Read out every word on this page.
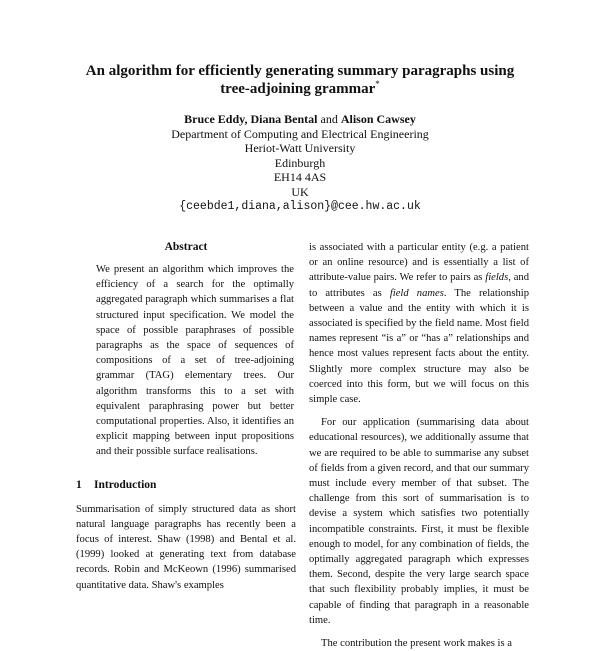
An algorithm for efficiently generating summary paragraphs using
tree-adjoining grammar*
Bruce Eddy, Diana Bental and Alison Cawsey
Department of Computing and Electrical Engineering
Heriot-Watt University
Edinburgh
EH14 4AS
UK
{ceebde1,diana,alison}@cee.hw.ac.uk
Abstract

We present an algorithm which improves the efficiency of a search for the optimally aggregated paragraph which summarises a flat structured input specification. We model the space of possible paraphrases of possible paragraphs as the space of sequences of compositions of a set of tree-adjoining grammar (TAG) elementary trees. Our algorithm transforms this to a set with equivalent paraphrasing power but better computational properties. Also, it identifies an explicit mapping between input propositions and their possible surface realisations.

1 Introduction

Summarisation of simply structured data as short natural language paragraphs has recently been a focus of interest. Shaw (1998) and Bental et al. (1999) looked at generating text from database records. Robin and McKeown (1996) summarised quantitative data. Shaw's examples

is associated with a particular entity (e.g. a patient or an online resource) and is essentially a list of attribute-value pairs. We refer to pairs as fields, and to attributes as field names. The relationship between a value and the entity with which it is associated is specified by the field name. Most field names represent “is a” or “has a” relationships and hence most values represent facts about the entity. Slightly more complex structure may also be coerced into this form, but we will focus on this simple case.

For our application (summarising data about educational resources), we additionally assume that we are required to be able to summarise any subset of fields from a given record, and that our summary must include every member of that subset. The challenge from this sort of summarisation is to devise a system which satisfies two potentially incompatible constraints. First, it must be flexible enough to model, for any combination of fields, the optimally aggregated paragraph which expresses them. Second, despite the very large search space that such flexibility probably implies, it must be capable of finding that paragraph in a reasonable time.

The contribution the present work makes is a
